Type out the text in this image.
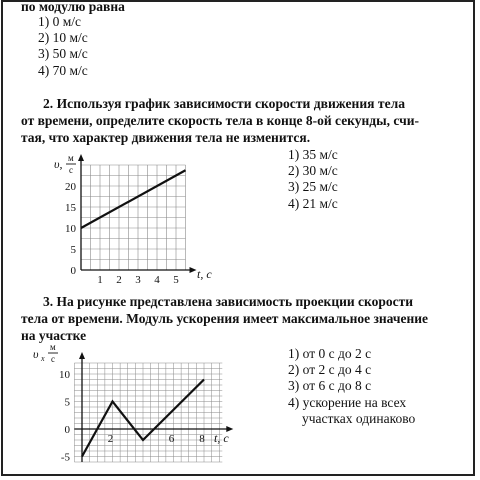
по модулю равна
1) 0 м/с
2) 10 м/с
3) 50 м/с
4) 70 м/с
2. Используя график зависимости скорости движения тела
от времени, определите скорость тела в конце 8-ой секунды, счи-
тая, что характер движения тела не изменится.
1) 35 м/с
2) 30 м/с
3) 25 м/с
4) 21 м/с
0
5
10
15
20
1 2 3 4 5
υ, м
с
t, c
3. На рисунке представлена зависимость проекции скорости
тела от времени. Модуль ускорения имеет максимальное значение
на участке
1) от 0 с до 2 с
2) от 2 с до 4 с
3) от 6 с до 8 с
4) ускорение на всех
участках одинаково
10
5
0
-5
2	6 8
υ x
м
с
t, c
